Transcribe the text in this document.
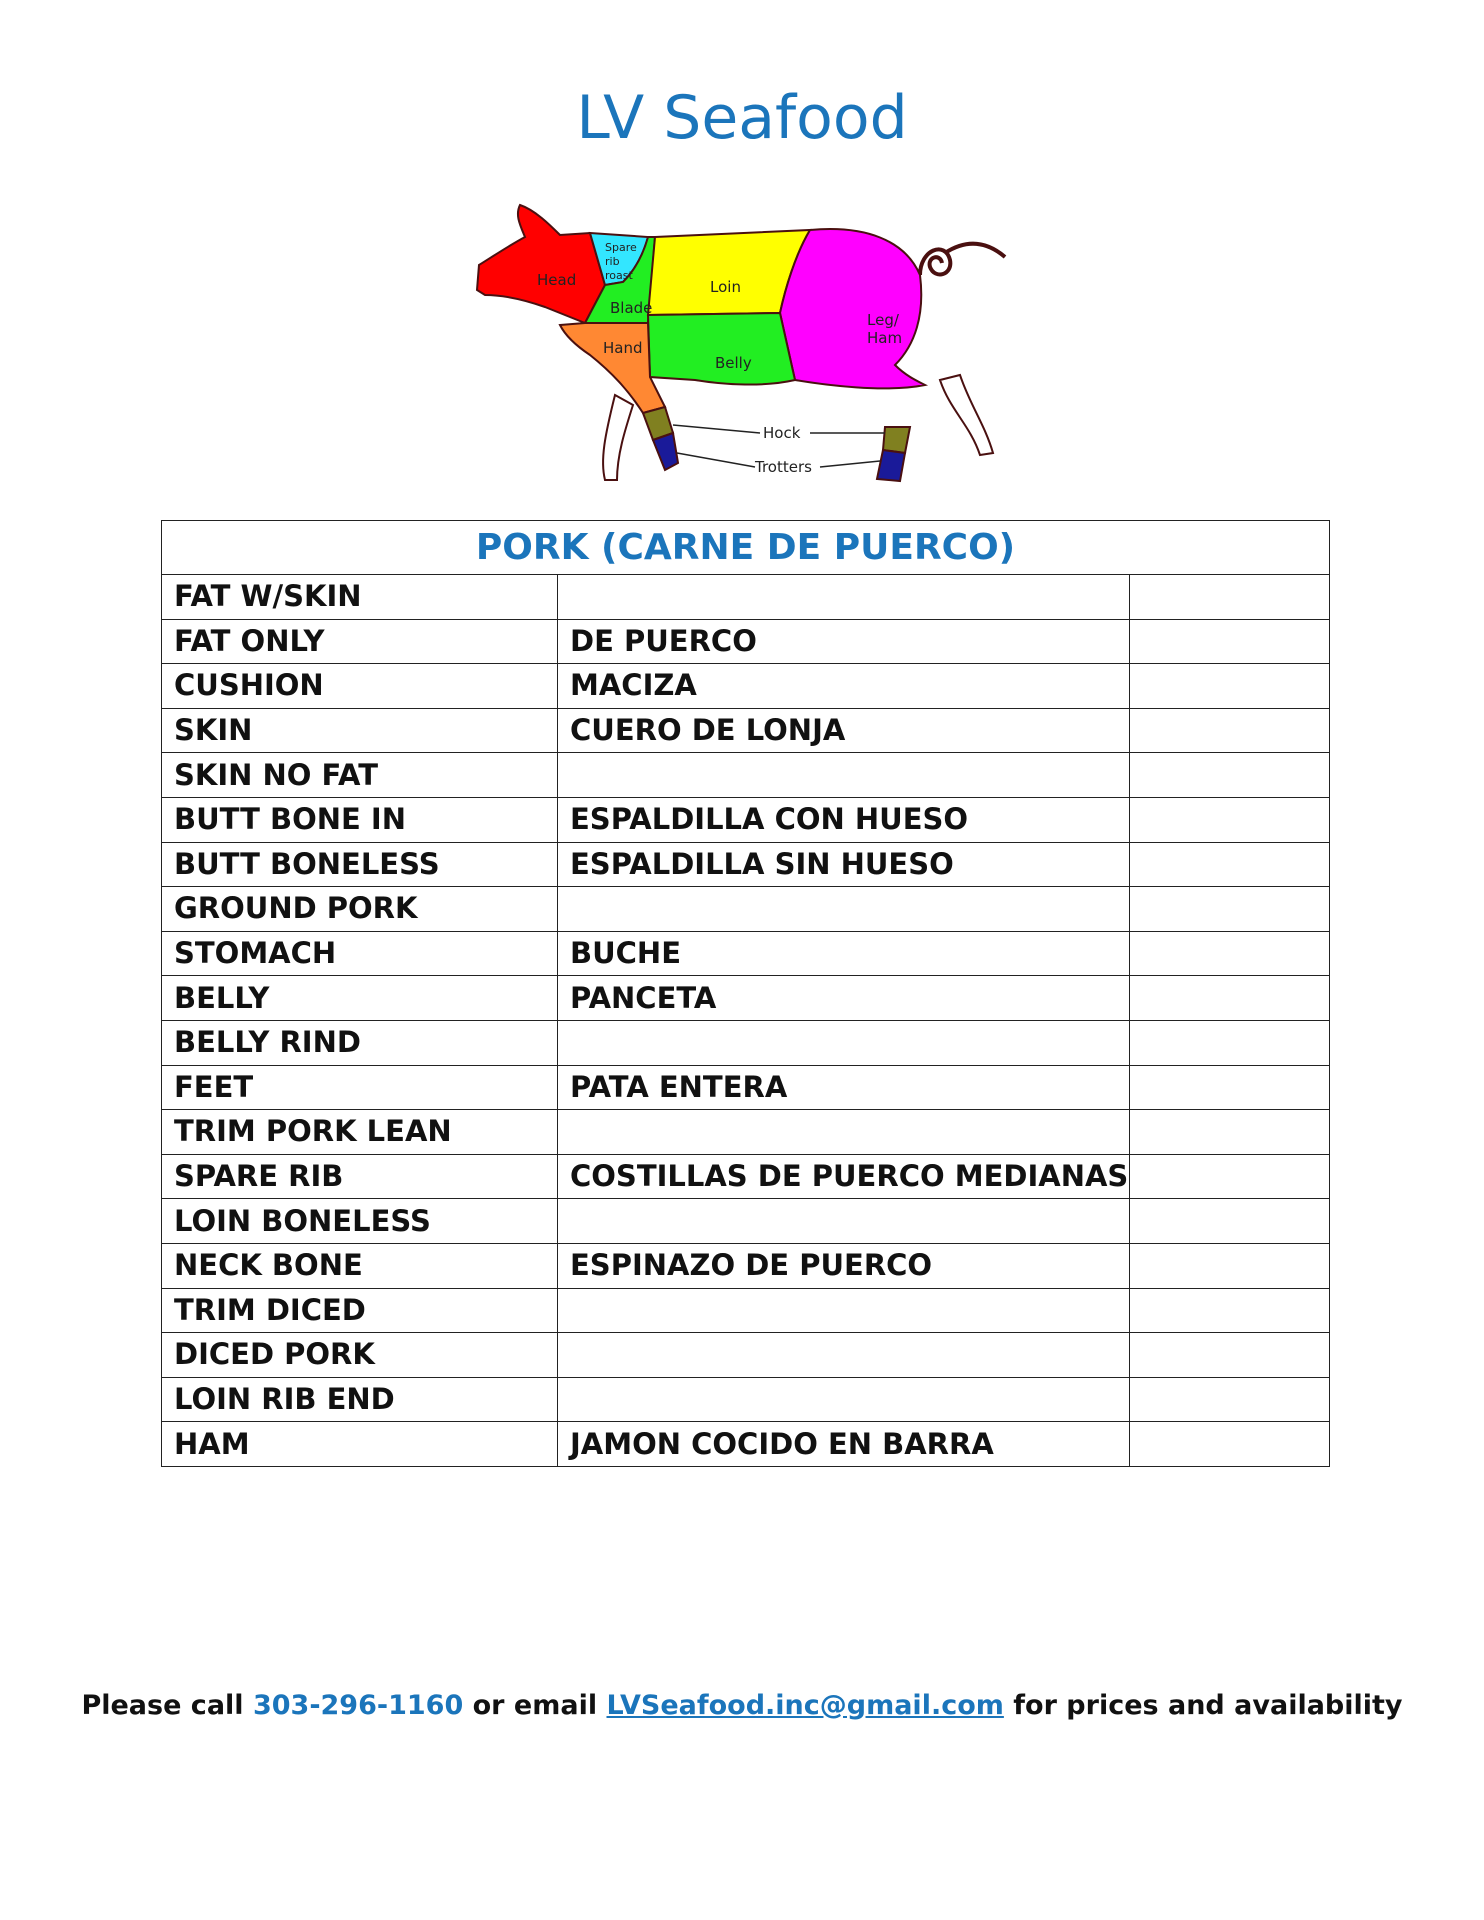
LV Seafood
Head
Spare
rib
roast
Blade
Loin
Leg/
Ham
Hand
Belly
Hock
Trotters
PORK (CARNE DE PUERCO)		
FAT W/SKIN		
FAT ONLY	DE PUERCO	
CUSHION	MACIZA	
SKIN	CUERO DE LONJA	
SKIN NO FAT		
BUTT BONE IN	ESPALDILLA CON HUESO	
BUTT BONELESS	ESPALDILLA SIN HUESO	
GROUND PORK		
STOMACH	BUCHE	
BELLY	PANCETA	
BELLY RIND		
FEET	PATA ENTERA	
TRIM PORK LEAN		
SPARE RIB	COSTILLAS DE PUERCO MEDIANAS	
LOIN BONELESS		
NECK BONE	ESPINAZO DE PUERCO	
TRIM DICED		
DICED PORK		
LOIN RIB END		
HAM	JAMON COCIDO EN BARRA	
Please call 303-296-1160 or email LVSeafood.inc@gmail.com for prices and availability
